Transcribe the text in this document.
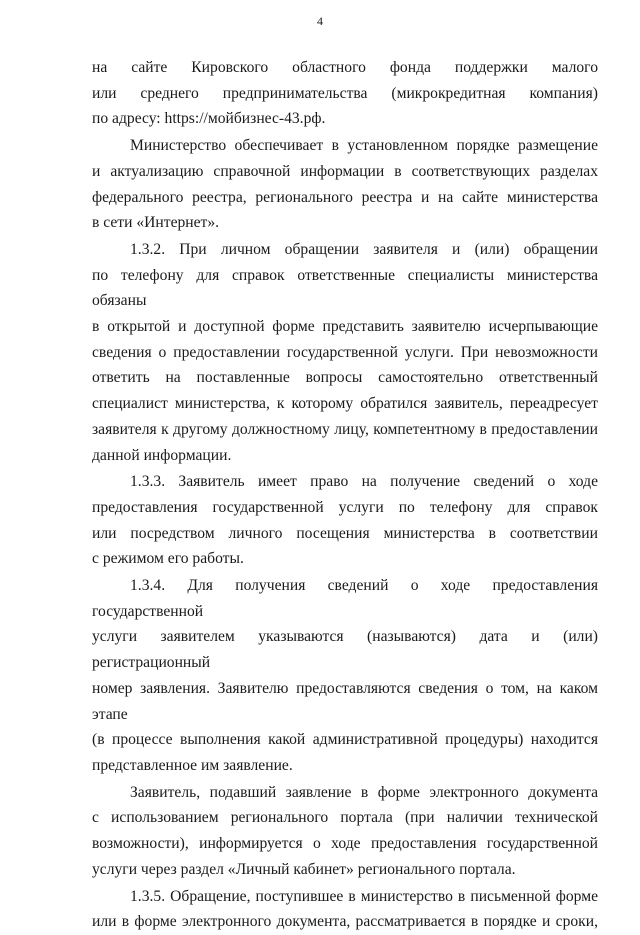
4
на сайте Кировского областного фонда поддержки малого
или среднего предпринимательства (микрокредитная компания)
по адресу: https://мойбизнес-43.рф.
Министерство обеспечивает в установленном порядке размещение
и актуализацию справочной информации в соответствующих разделах
федерального реестра, регионального реестра и на сайте министерства
в сети «Интернет».
1.3.2. При личном обращении заявителя и (или) обращении
по телефону для справок ответственные специалисты министерства обязаны
в открытой и доступной форме представить заявителю исчерпывающие
сведения о предоставлении государственной услуги. При невозможности
ответить на поставленные вопросы самостоятельно ответственный
специалист министерства, к которому обратился заявитель, переадресует
заявителя к другому должностному лицу, компетентному в предоставлении
данной информации.
1.3.3. Заявитель имеет право на получение сведений о ходе
предоставления государственной услуги по телефону для справок
или посредством личного посещения министерства в соответствии
с режимом его работы.
1.3.4. Для получения сведений о ходе предоставления государственной
услуги заявителем указываются (называются) дата и (или) регистрационный
номер заявления. Заявителю предоставляются сведения о том, на каком этапе
(в процессе выполнения какой административной процедуры) находится
представленное им заявление.
Заявитель, подавший заявление в форме электронного документа
с использованием регионального портала (при наличии технической
возможности), информируется о ходе предоставления государственной
услуги через раздел «Личный кабинет» регионального портала.
1.3.5. Обращение, поступившее в министерство в письменной форме
или в форме электронного документа, рассматривается в порядке и сроки,
